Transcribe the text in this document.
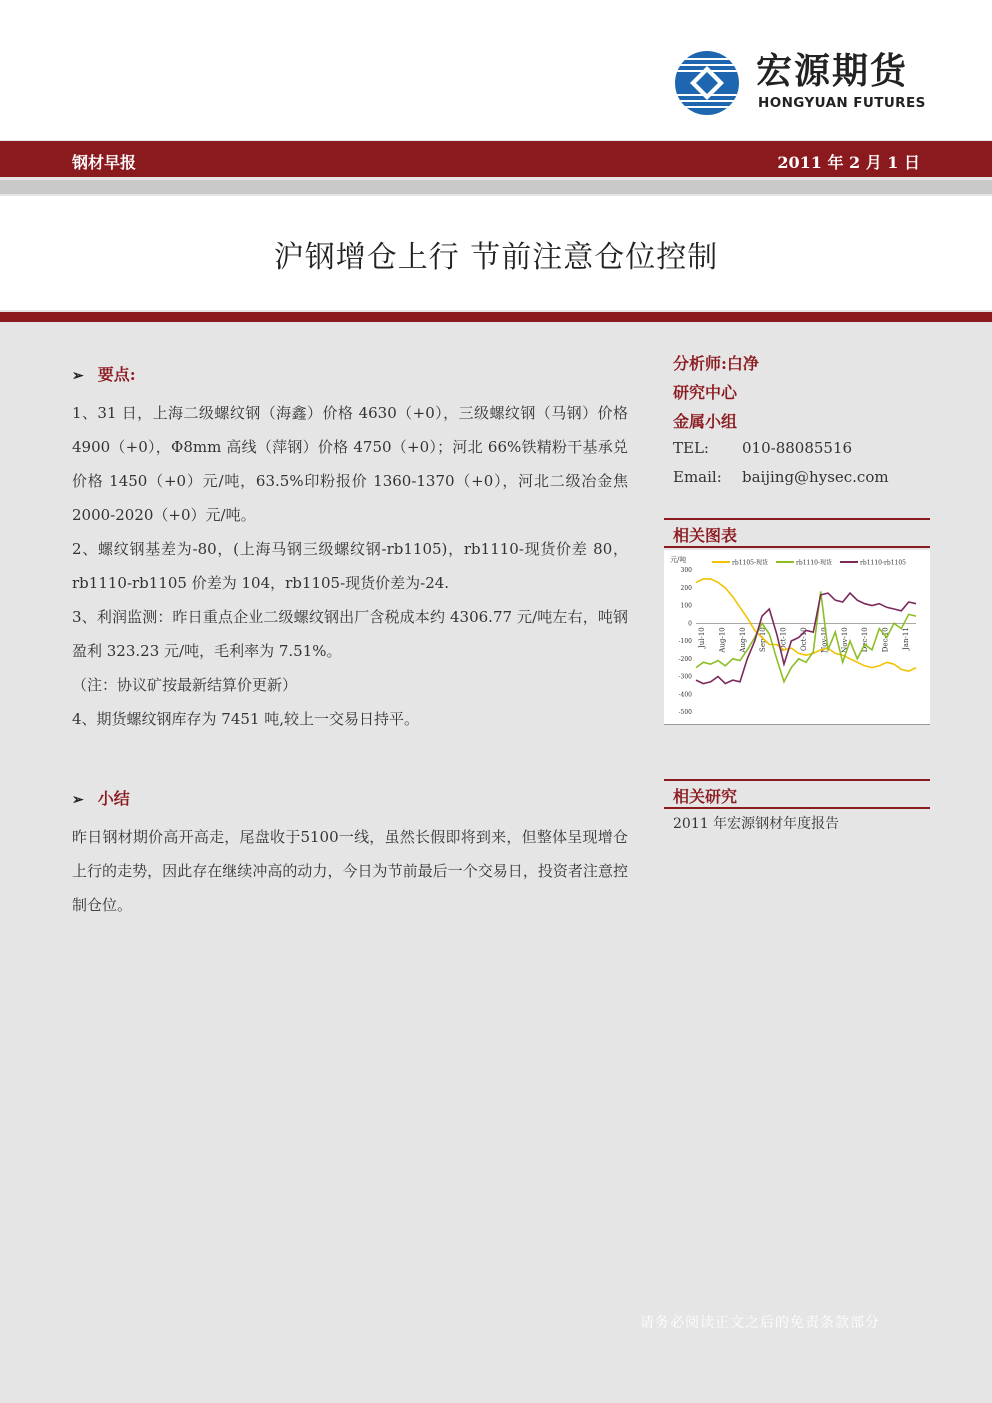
宏源期货
HONGYUAN FUTURES
钢材早报	2011 年 2 月 1 日
沪钢增仓上行 节前注意仓位控制
➢ 要点:

1、31 日，上海二级螺纹钢（海鑫）价格 4630（+0），三级螺纹钢（马钢）价格 4900（+0），Φ8mm 高线（萍钢）价格 4750（+0）；河北 66%铁精粉干基承兑价格 1450（+0）元/吨，63.5%印粉报价 1360-1370（+0），河北二级冶金焦 2000-2020（+0）元/吨。

2、螺纹钢基差为-80，(上海马钢三级螺纹钢-rb1105)，rb1110-现货价差 80，rb1110-rb1105 价差为 104，rb1105-现货价差为-24.

3、利润监测：昨日重点企业二级螺纹钢出厂含税成本约 4306.77 元/吨左右，吨钢盈利 323.23 元/吨，毛利率为 7.51%。

（注：协议矿按最新结算价更新）

4、期货螺纹钢库存为 7451 吨,较上一交易日持平。

➢ 小结

昨日钢材期价高开高走，尾盘收于5100一线，虽然长假即将到来，但整体呈现增仓上行的走势，因此存在继续冲高的动力，今日为节前最后一个交易日，投资者注意控制仓位。

分析师:白净
研究中心
金属小组
TEL: 010-88085516
Email: baijing@hysec.com
相关图表
元/吨	rb1105-现货	rb1110-现货	rb1110-rb1105
300
200
100
0
-100
-200
-300
-400
-500
Jul-10 Aug-10 Aug-10 Sep-10 Oct-10 Oct-10 Nov-10 Nov-10 Dec-10 Dec-10 Jan-11
相关研究
2011 年宏源钢材年度报告
请务必阅读正文之后的免责条款部分
